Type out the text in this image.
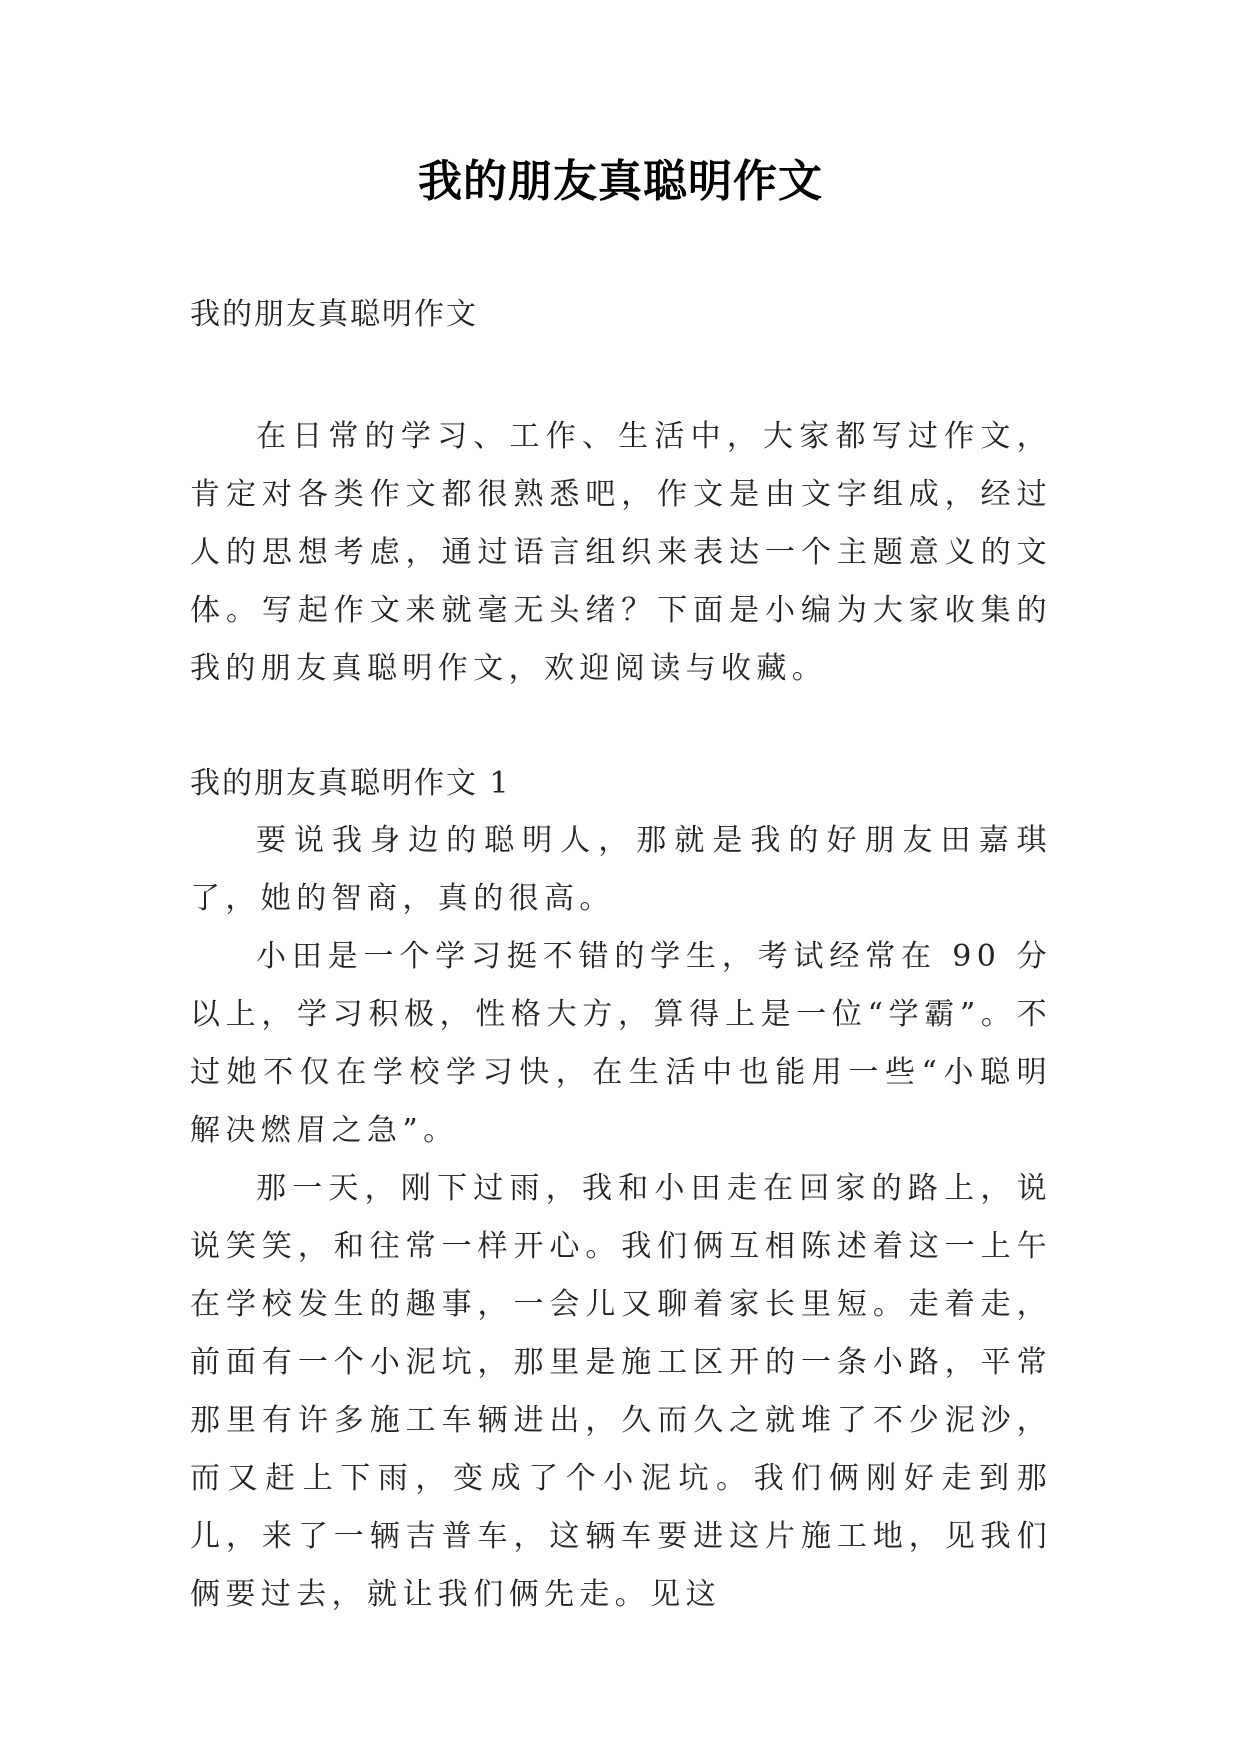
我的朋友真聪明作文
我的朋友真聪明作文

在日常的学习、工作、生活中，大家都写过作文，肯定对各类作文都很熟悉吧，作文是由文字组成，经过人的思想考虑，通过语言组织来表达一个主题意义的文体。写起作文来就毫无头绪？下面是小编为大家收集的我的朋友真聪明作文，欢迎阅读与收藏。

我的朋友真聪明作文 1

要说我身边的聪明人，那就是我的好朋友田嘉琪了，她的智商，真的很高。

小田是一个学习挺不错的学生，考试经常在 90 分以上，学习积极，性格大方，算得上是一位“学霸”。不过她不仅在学校学习快，在生活中也能用一些“小聪明解决燃眉之急”。

那一天，刚下过雨，我和小田走在回家的路上，说说笑笑，和往常一样开心。我们俩互相陈述着这一上午在学校发生的趣事，一会儿又聊着家长里短。走着走，前面有一个小泥坑，那里是施工区开的一条小路，平常那里有许多施工车辆进出，久而久之就堆了不少泥沙，而又赶上下雨，变成了个小泥坑。我们俩刚好走到那儿，来了一辆吉普车，这辆车要进这片施工地，见我们俩要过去，就让我们俩先走。见这
